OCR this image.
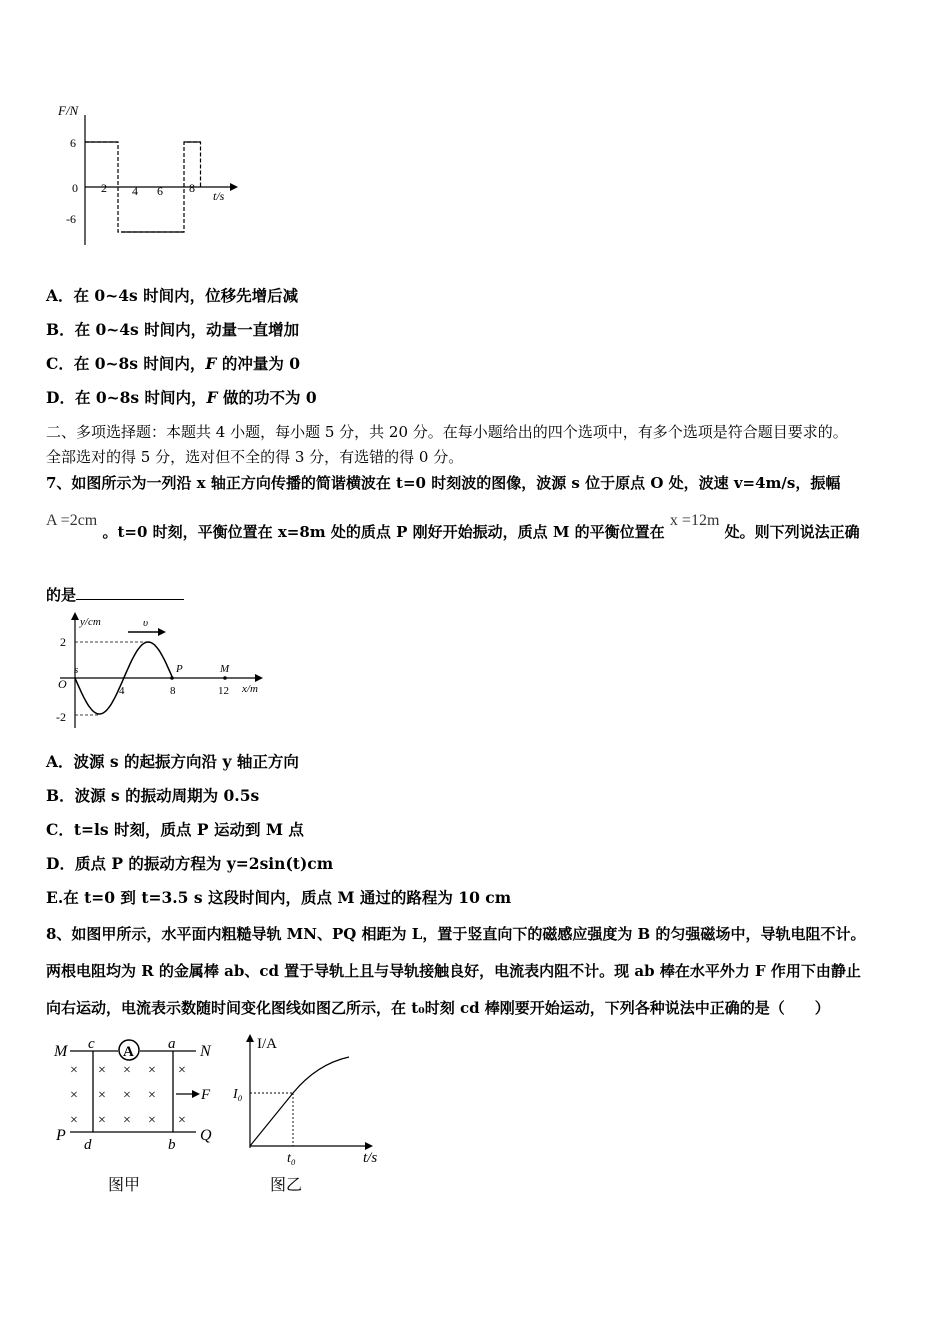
F/N
t/s
6
0
-6
2 4 6 8
A．在 0~4s 时间内，位移先增后减
B．在 0~4s 时间内，动量一直增加
C．在 0~8s 时间内，F 的冲量为 0
D．在 0~8s 时间内，F 做的功不为 0
二、多项选择题：本题共 4 小题，每小题 5 分，共 20 分。在每小题给出的四个选项中，有多个选项是符合题目要求的。
全部选对的得 5 分，选对但不全的得 3 分，有选错的得 0 分。
7、如图所示为一列沿 x 轴正方向传播的简谐横波在 t=0 时刻波的图像，波源 s 位于原点 O 处，波速 v=4m/s，振幅
A =2cm 。t=0 时刻，平衡位置在 x=8m 处的质点 P 刚好开始振动，质点 M 的平衡位置在 x =12m 处。则下列说法正确
的是
y/cm
x/m
O
s
2
-2
4	8	12
P	M
υ
A．波源 s 的起振方向沿 y 轴正方向
B．波源 s 的振动周期为 0.5s
C．t=ls 时刻，质点 P 运动到 M 点
D．质点 P 的振动方程为 y=2sin(t)cm
E.在 t=0 到 t=3.5 s 这段时间内，质点 M 通过的路程为 10 cm
8、如图甲所示，水平面内粗糙导轨 MN、PQ 相距为 L，置于竖直向下的磁感应强度为 B 的匀强磁场中，导轨电阻不计。
两根电阻均为 R 的金属棒 ab、cd 置于导轨上且与导轨接触良好，电流表内阻不计。现 ab 棒在水平外力 F 作用下由静止
向右运动，电流表示数随时间变化图线如图乙所示，在 t₀时刻 cd 棒刚要开始运动，下列各种说法中正确的是（　　）
M	N
P	Q
c	a
d	b
A
× × × × ×
× × × ×
× × × × ×
F
图甲
I/A
t/s
I₀
t₀
图乙
